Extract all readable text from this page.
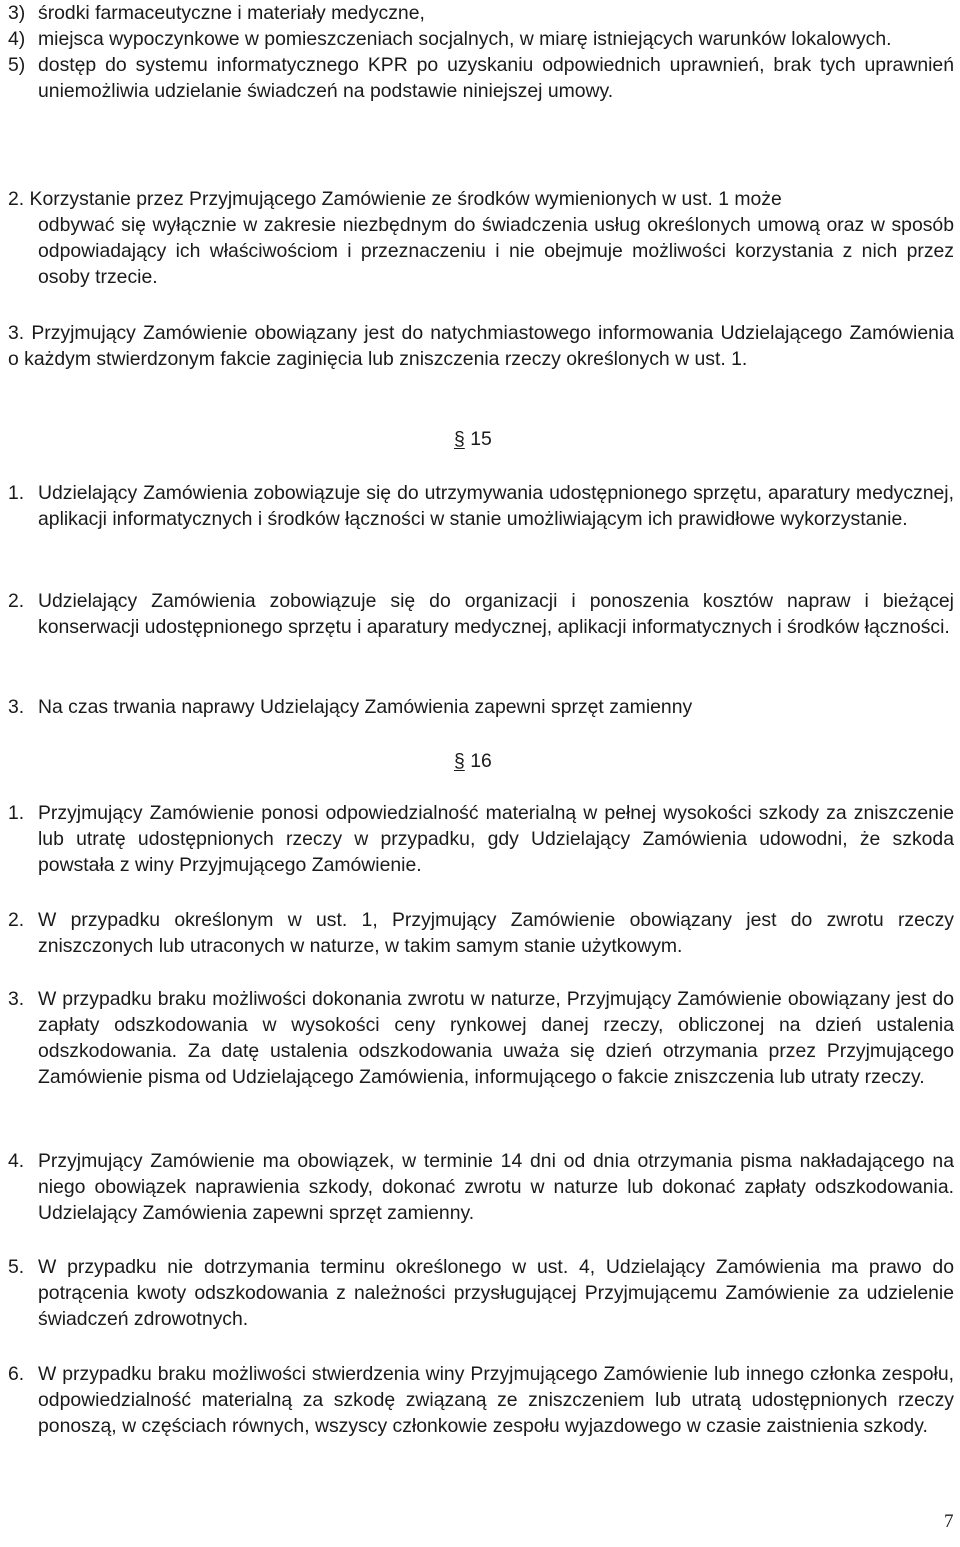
3) środki farmaceutyczne i materiały medyczne,
4) miejsca wypoczynkowe w pomieszczeniach socjalnych, w miarę istniejących warunków lokalowych.
5) dostęp do systemu informatycznego KPR po uzyskaniu odpowiednich uprawnień, brak tych uprawnień uniemożliwia udzielanie świadczeń na podstawie niniejszej umowy.
2. Korzystanie przez Przyjmującego Zamówienie ze środków wymienionych w ust. 1 może
odbywać się wyłącznie w zakresie niezbędnym do świadczenia usług określonych umową oraz w sposób odpowiadający ich właściwościom i przeznaczeniu i nie obejmuje możliwości korzystania z nich przez osoby trzecie.
3. Przyjmujący Zamówienie obowiązany jest do natychmiastowego informowania Udzielającego Zamówienia o każdym stwierdzonym fakcie zaginięcia lub zniszczenia rzeczy określonych w ust. 1.
§ 15
1. Udzielający Zamówienia zobowiązuje się do utrzymywania udostępnionego sprzętu, aparatury medycznej, aplikacji informatycznych i środków łączności w stanie umożliwiającym ich prawidłowe wykorzystanie.
2. Udzielający Zamówienia zobowiązuje się do organizacji i ponoszenia kosztów napraw i bieżącej konserwacji udostępnionego sprzętu i aparatury medycznej, aplikacji informatycznych i środków łączności.
3. Na czas trwania naprawy Udzielający Zamówienia zapewni sprzęt zamienny
§ 16
1. Przyjmujący Zamówienie ponosi odpowiedzialność materialną w pełnej wysokości szkody za zniszczenie lub utratę udostępnionych rzeczy w przypadku, gdy Udzielający Zamówienia udowodni, że szkoda powstała z winy Przyjmującego Zamówienie.
2. W przypadku określonym w ust. 1, Przyjmujący Zamówienie obowiązany jest do zwrotu rzeczy zniszczonych lub utraconych w naturze, w takim samym stanie użytkowym.
3. W przypadku braku możliwości dokonania zwrotu w naturze, Przyjmujący Zamówienie obowiązany jest do zapłaty odszkodowania w wysokości ceny rynkowej danej rzeczy, obliczonej na dzień ustalenia odszkodowania. Za datę ustalenia odszkodowania uważa się dzień otrzymania przez Przyjmującego Zamówienie pisma od Udzielającego Zamówienia, informującego o fakcie zniszczenia lub utraty rzeczy.
4. Przyjmujący Zamówienie ma obowiązek, w terminie 14 dni od dnia otrzymania pisma nakładającego na niego obowiązek naprawienia szkody, dokonać zwrotu w naturze lub dokonać zapłaty odszkodowania. Udzielający Zamówienia zapewni sprzęt zamienny.
5. W przypadku nie dotrzymania terminu określonego w ust. 4, Udzielający Zamówienia ma prawo do potrącenia kwoty odszkodowania z należności przysługującej Przyjmującemu Zamówienie za udzielenie świadczeń zdrowotnych.
6. W przypadku braku możliwości stwierdzenia winy Przyjmującego Zamówienie lub innego członka zespołu, odpowiedzialność materialną za szkodę związaną ze zniszczeniem lub utratą udostępnionych rzeczy ponoszą, w częściach równych, wszyscy członkowie zespołu wyjazdowego w czasie zaistnienia szkody.
7
